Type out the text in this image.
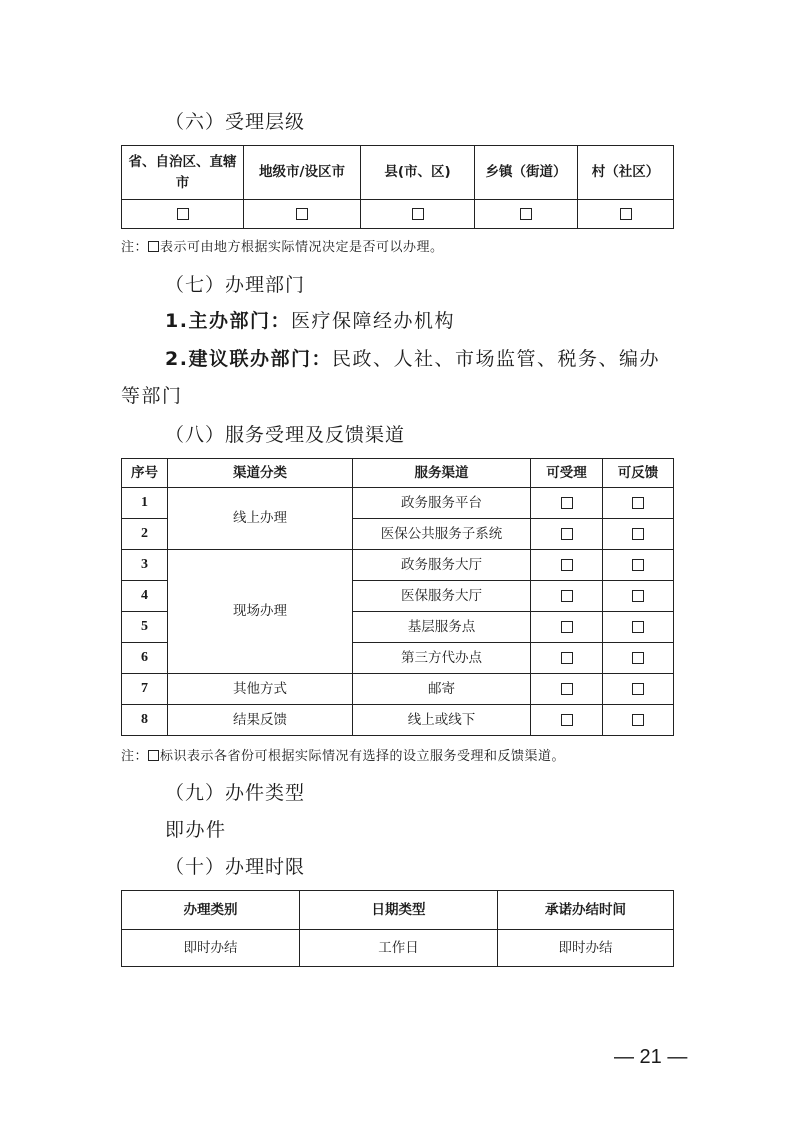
（六）受理层级
省、自治区、直辖市	地级市/设区市	县(市、区)	乡镇（街道）	村（社区）

注： 表示可由地方根据实际情况决定是否可以办理。
（七）办理部门
1.主办部门：医疗保障经办机构
2.建议联办部门：民政、人社、市场监管、税务、编办
等部门
（八）服务受理及反馈渠道
序号	渠道分类	服务渠道	可受理	可反馈
1	线上办理	政务服务平台		
2		医保公共服务子系统		
3	现场办理	政务服务大厅		
4		医保服务大厅		
5		基层服务点		
6		第三方代办点		
7	其他方式	邮寄		
8	结果反馈	线上或线下		
注： 标识表示各省份可根据实际情况有选择的设立服务受理和反馈渠道。
（九）办件类型
即办件
（十）办理时限
办理类别	日期类型	承诺办结时间
即时办结	工作日	即时办结
— 21 —
